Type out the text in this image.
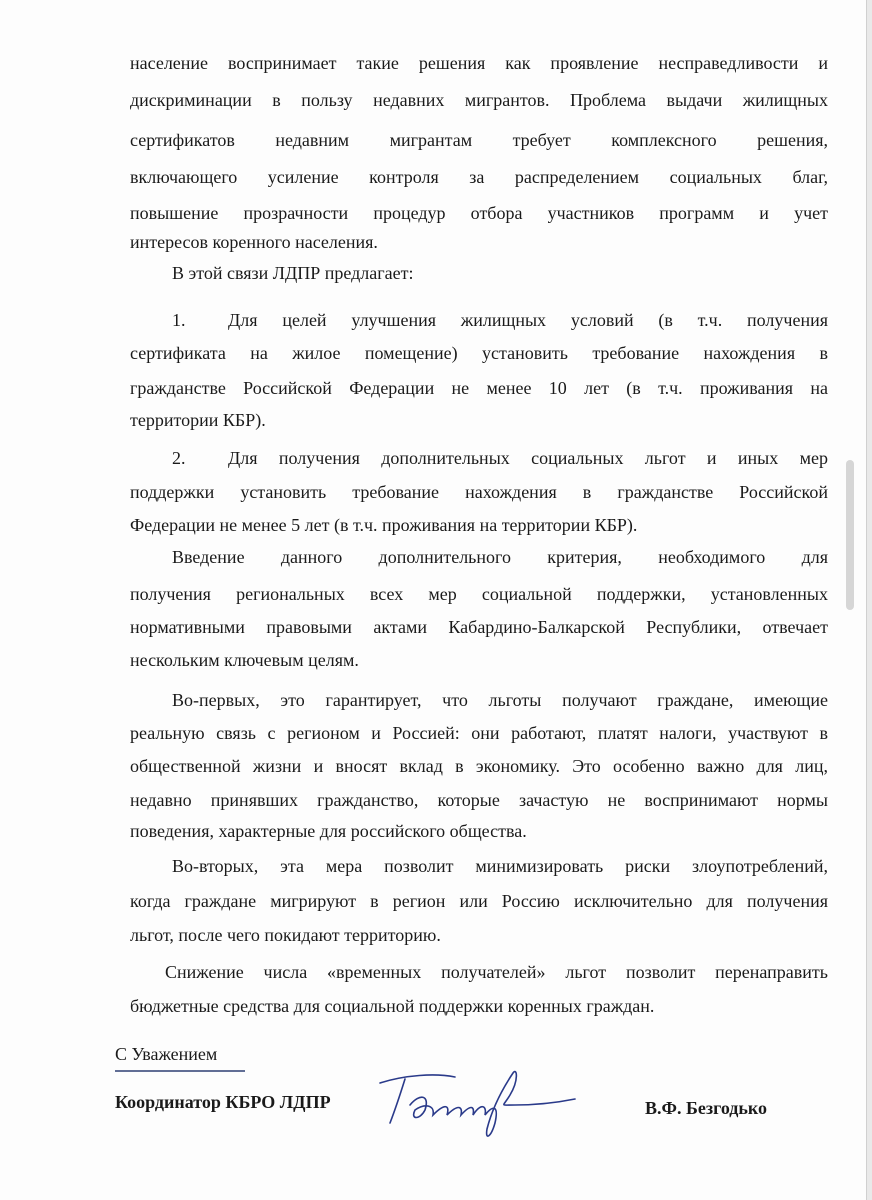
население воспринимает такие решения как проявление несправедливости и
дискриминации в пользу недавних мигрантов. Проблема выдачи жилищных
сертификатов недавним мигрантам требует комплексного решения,
включающего усиление контроля за распределением социальных благ,
повышение прозрачности процедур отбора участников программ и учет
интересов коренного населения.
В этой связи ЛДПР предлагает:
1. Для целей улучшения жилищных условий (в т.ч. получения
сертификата на жилое помещение) установить требование нахождения в
гражданстве Российской Федерации не менее 10 лет (в т.ч. проживания на
территории КБР).
2. Для получения дополнительных социальных льгот и иных мер
поддержки установить требование нахождения в гражданстве Российской
Федерации не менее 5 лет (в т.ч. проживания на территории КБР).
Введение данного дополнительного критерия, необходимого для
получения региональных всех мер социальной поддержки, установленных
нормативными правовыми актами Кабардино-Балкарской Республики, отвечает
нескольким ключевым целям.
Во-первых, это гарантирует, что льготы получают граждане, имеющие
реальную связь с регионом и Россией: они работают, платят налоги, участвуют в
общественной жизни и вносят вклад в экономику. Это особенно важно для лиц,
недавно принявших гражданство, которые зачастую не воспринимают нормы
поведения, характерные для российского общества.
Во-вторых, эта мера позволит минимизировать риски злоупотреблений,
когда граждане мигрируют в регион или Россию исключительно для получения
льгот, после чего покидают территорию.
Снижение числа «временных получателей» льгот позволит перенаправить
бюджетные средства для социальной поддержки коренных граждан.
С Уважением
Координатор КБРО ЛДПР	В.Ф. Безгодько
